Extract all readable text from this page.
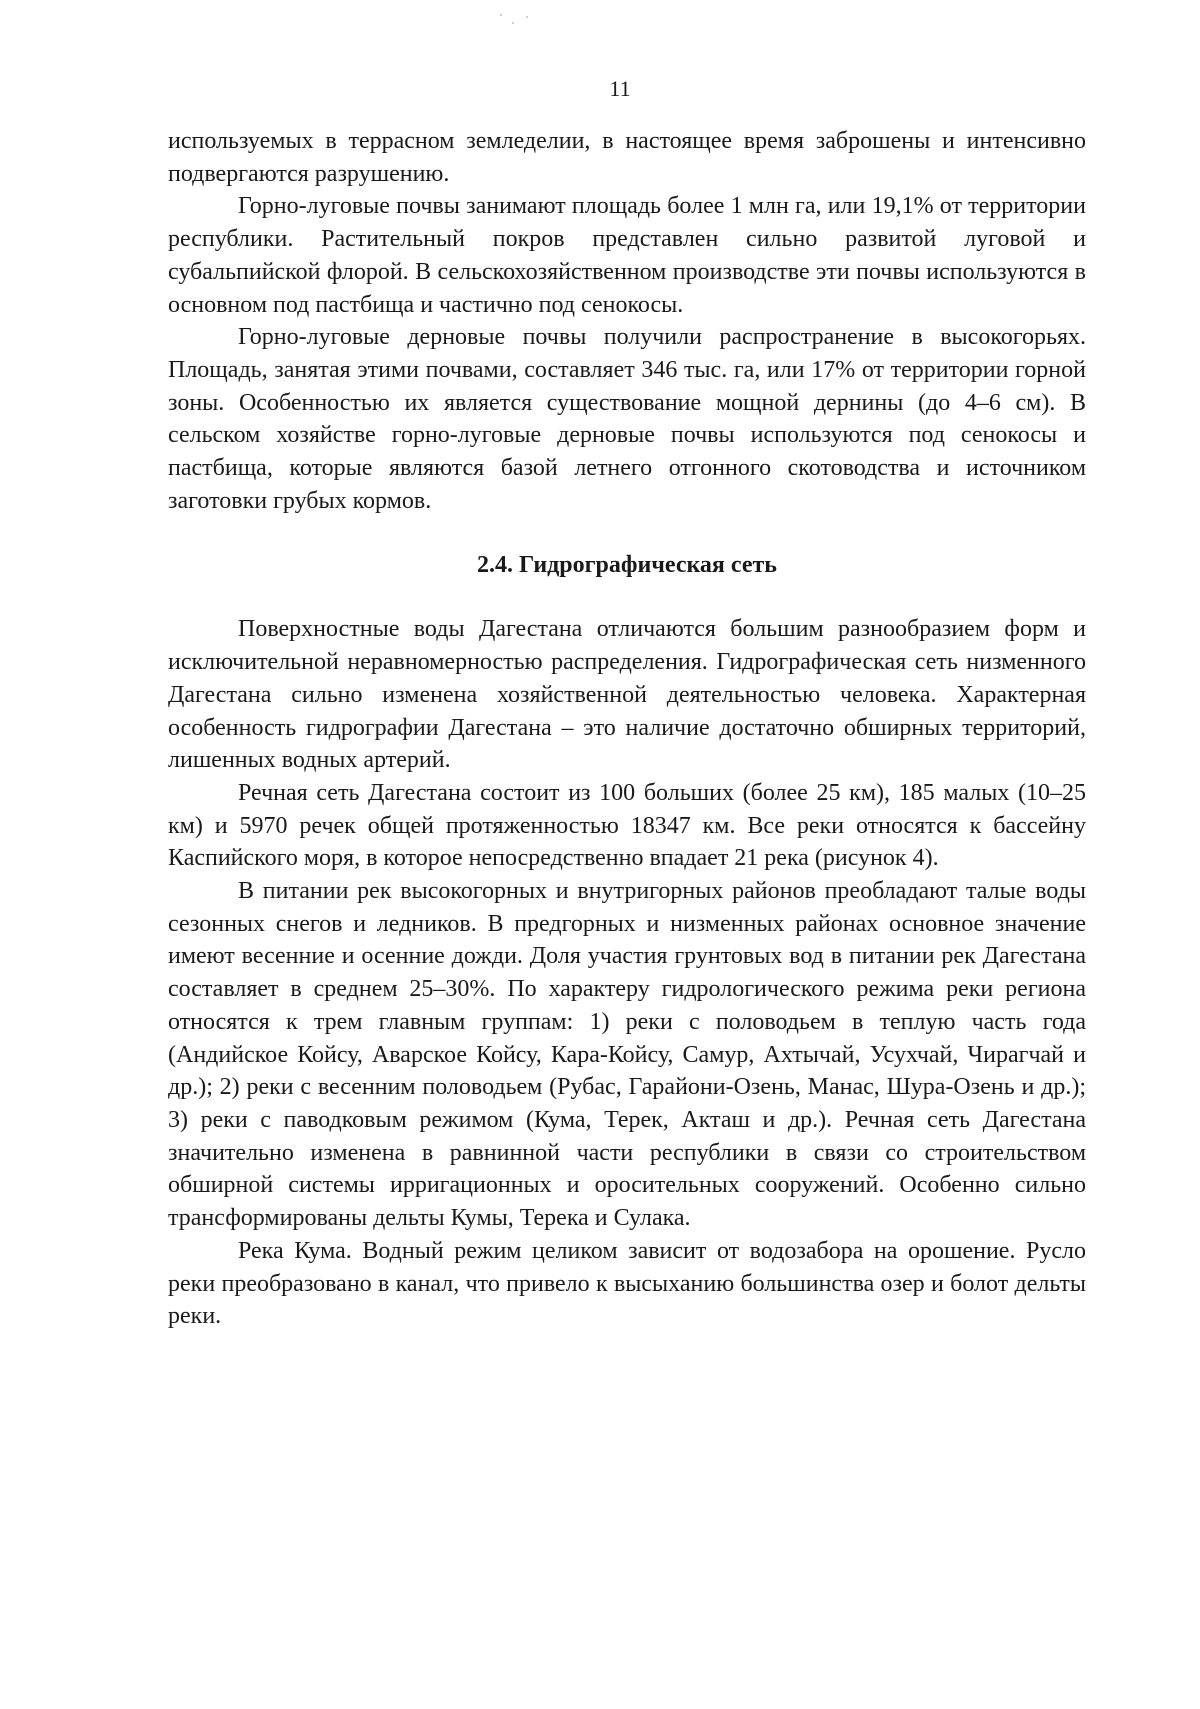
11

используемых в террасном земледелии, в настоящее время заброшены и интенсивно подвергаются разрушению.

Горно-луговые почвы занимают площадь более 1 млн га, или 19,1% от территории республики. Растительный покров представлен сильно развитой луговой и субальпийской флорой. В сельскохозяйственном производстве эти почвы используются в основном под пастбища и частично под сенокосы.

Горно-луговые дерновые почвы получили распространение в высокогорьях. Площадь, занятая этими почвами, составляет 346 тыс. га, или 17% от территории горной зоны. Особенностью их является существование мощной дернины (до 4–6 см). В сельском хозяйстве горно-луговые дерновые почвы используются под сенокосы и пастбища, которые являются базой летнего отгонного скотоводства и источником заготовки грубых кормов.

2.4. Гидрографическая сеть

Поверхностные воды Дагестана отличаются большим разнообразием форм и исключительной неравномерностью распределения. Гидрографическая сеть низменного Дагестана сильно изменена хозяйственной деятельностью человека. Характерная особенность гидрографии Дагестана – это наличие достаточно обширных территорий, лишенных водных артерий.

Речная сеть Дагестана состоит из 100 больших (более 25 км), 185 малых (10–25 км) и 5970 речек общей протяженностью 18347 км. Все реки относятся к бассейну Каспийского моря, в которое непосредственно впадает 21 река (рисунок 4).

В питании рек высокогорных и внутригорных районов преобладают талые воды сезонных снегов и ледников. В предгорных и низменных районах основное значение имеют весенние и осенние дожди. Доля участия грунтовых вод в питании рек Дагестана составляет в среднем 25–30%. По характеру гидрологического режима реки региона относятся к трем главным группам: 1) реки с половодьем в теплую часть года (Андийское Койсу, Аварское Койсу, Кара-Койсу, Самур, Ахтычай, Усухчай, Чирагчай и др.); 2) реки с весенним половодьем (Рубас, Гарайони-Озень, Манас, Шура-Озень и др.); 3) реки с паводковым режимом (Кума, Терек, Акташ и др.). Речная сеть Дагестана значительно изменена в равнинной части республики в связи со строительством обширной системы ирригационных и оросительных сооружений. Особенно сильно трансформированы дельты Кумы, Терека и Сулака.

Река Кума. Водный режим целиком зависит от водозабора на орошение. Русло реки преобразовано в канал, что привело к высыханию большинства озер и болот дельты реки.
